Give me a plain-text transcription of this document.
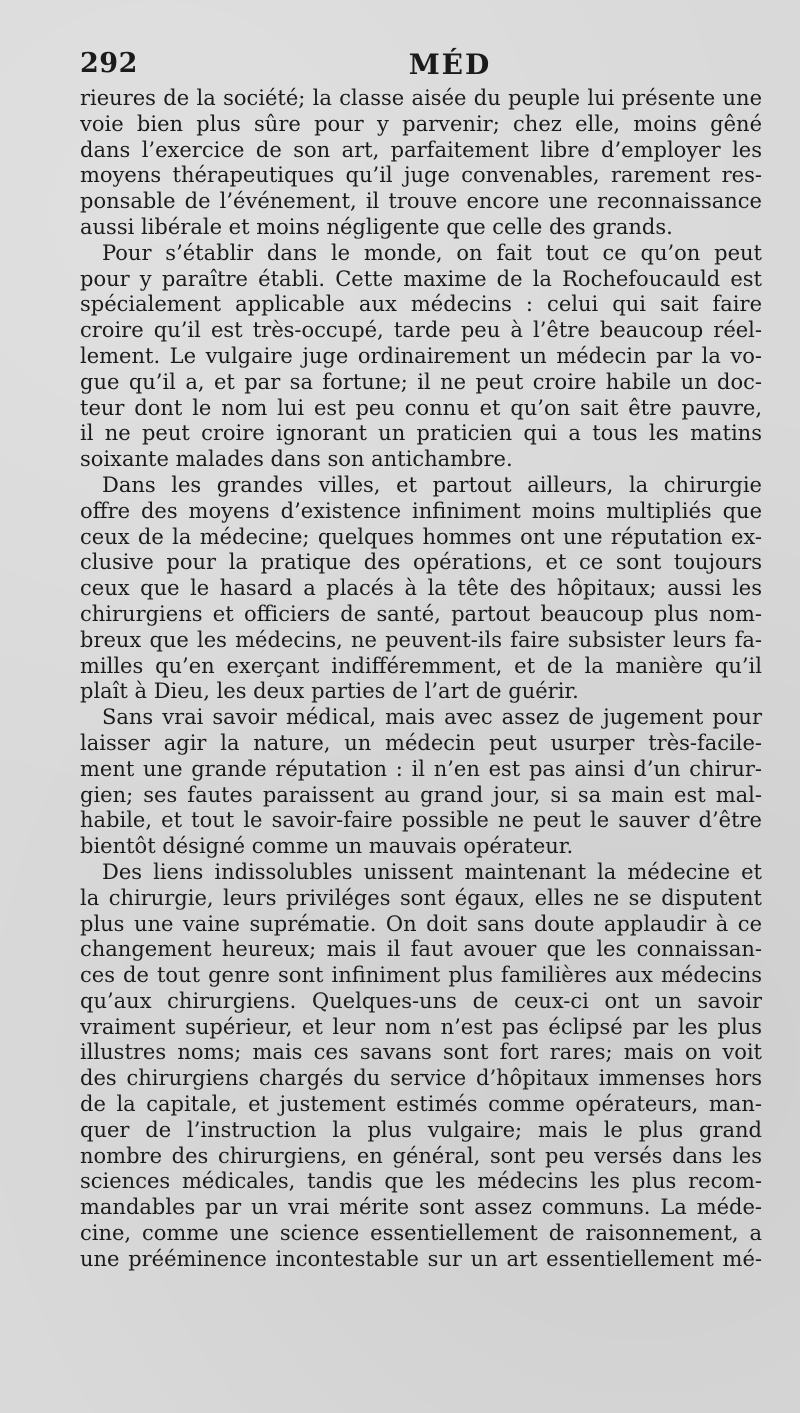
292	MÉD
rieures de la société; la classe aisée du peuple lui présente une
voie bien plus sûre pour y parvenir; chez elle, moins gêné
dans l’exercice de son art, parfaitement libre d’employer les
moyens thérapeutiques qu’il juge convenables, rarement res-
ponsable de l’événement, il trouve encore une reconnaissance
aussi libérale et moins négligente que celle des grands.
Pour s’établir dans le monde, on fait tout ce qu’on peut
pour y paraître établi. Cette maxime de la Rochefoucauld est
spécialement applicable aux médecins : celui qui sait faire
croire qu’il est très-occupé, tarde peu à l’être beaucoup réel-
lement. Le vulgaire juge ordinairement un médecin par la vo-
gue qu’il a, et par sa fortune; il ne peut croire habile un doc-
teur dont le nom lui est peu connu et qu’on sait être pauvre,
il ne peut croire ignorant un praticien qui a tous les matins
soixante malades dans son antichambre.
Dans les grandes villes, et partout ailleurs, la chirurgie
offre des moyens d’existence infiniment moins multipliés que
ceux de la médecine; quelques hommes ont une réputation ex-
clusive pour la pratique des opérations, et ce sont toujours
ceux que le hasard a placés à la tête des hôpitaux; aussi les
chirurgiens et officiers de santé, partout beaucoup plus nom-
breux que les médecins, ne peuvent-ils faire subsister leurs fa-
milles qu’en exerçant indifféremment, et de la manière qu’il
plaît à Dieu, les deux parties de l’art de guérir.
Sans vrai savoir médical, mais avec assez de jugement pour
laisser agir la nature, un médecin peut usurper très-facile-
ment une grande réputation : il n’en est pas ainsi d’un chirur-
gien; ses fautes paraissent au grand jour, si sa main est mal-
habile, et tout le savoir-faire possible ne peut le sauver d’être
bientôt désigné comme un mauvais opérateur.
Des liens indissolubles unissent maintenant la médecine et
la chirurgie, leurs priviléges sont égaux, elles ne se disputent
plus une vaine suprématie. On doit sans doute applaudir à ce
changement heureux; mais il faut avouer que les connaissan-
ces de tout genre sont infiniment plus familières aux médecins
qu’aux chirurgiens. Quelques-uns de ceux-ci ont un savoir
vraiment supérieur, et leur nom n’est pas éclipsé par les plus
illustres noms; mais ces savans sont fort rares; mais on voit
des chirurgiens chargés du service d’hôpitaux immenses hors
de la capitale, et justement estimés comme opérateurs, man-
quer de l’instruction la plus vulgaire; mais le plus grand
nombre des chirurgiens, en général, sont peu versés dans les
sciences médicales, tandis que les médecins les plus recom-
mandables par un vrai mérite sont assez communs. La méde-
cine, comme une science essentiellement de raisonnement, a
une prééminence incontestable sur un art essentiellement mé-
